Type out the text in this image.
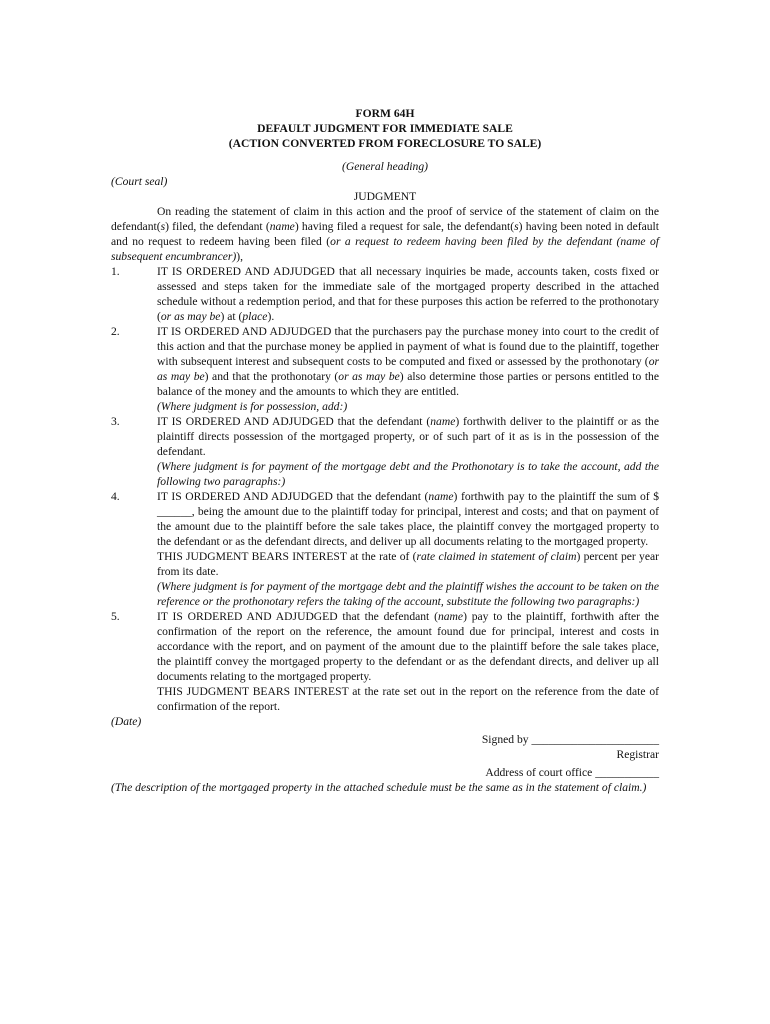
FORM 64H
DEFAULT JUDGMENT FOR IMMEDIATE SALE
(ACTION CONVERTED FROM FORECLOSURE TO SALE)
(General heading)
(Court seal)
JUDGMENT
On reading the statement of claim in this action and the proof of service of the statement of claim on the defendant(s) filed, the defendant (name) having filed a request for sale, the defendant(s) having been noted in default and no request to redeem having been filed (or a request to redeem having been filed by the defendant (name of subsequent encumbrancer)),
1.	IT IS ORDERED AND ADJUDGED that all necessary inquiries be made, accounts taken, costs fixed or assessed and steps taken for the immediate sale of the mortgaged property described in the attached schedule without a redemption period, and that for these purposes this action be referred to the prothonotary (or as may be) at (place).
2.	IT IS ORDERED AND ADJUDGED that the purchasers pay the purchase money into court to the credit of this action and that the purchase money be applied in payment of what is found due to the plaintiff, together with subsequent interest and subsequent costs to be computed and fixed or assessed by the prothonotary (or as may be) and that the prothonotary (or as may be) also determine those parties or persons entitled to the balance of the money and the amounts to which they are entitled.
(Where judgment is for possession, add:)
3.	IT IS ORDERED AND ADJUDGED that the defendant (name) forthwith deliver to the plaintiff or as the plaintiff directs possession of the mortgaged property, or of such part of it as is in the possession of the defendant.
(Where judgment is for payment of the mortgage debt and the Prothonotary is to take the account, add the following two paragraphs:)
4.	IT IS ORDERED AND ADJUDGED that the defendant (name) forthwith pay to the plaintiff the sum of $ ______, being the amount due to the plaintiff today for principal, interest and costs; and that on payment of the amount due to the plaintiff before the sale takes place, the plaintiff convey the mortgaged property to the defendant or as the defendant directs, and deliver up all documents relating to the mortgaged property.
THIS JUDGMENT BEARS INTEREST at the rate of (rate claimed in statement of claim) percent per year from its date.
(Where judgment is for payment of the mortgage debt and the plaintiff wishes the account to be taken on the reference or the prothonotary refers the taking of the account, substitute the following two paragraphs:)
5.	IT IS ORDERED AND ADJUDGED that the defendant (name) pay to the plaintiff, forthwith after the confirmation of the report on the reference, the amount found due for principal, interest and costs in accordance with the report, and on payment of the amount due to the plaintiff before the sale takes place, the plaintiff convey the mortgaged property to the defendant or as the defendant directs, and deliver up all documents relating to the mortgaged property.
THIS JUDGMENT BEARS INTEREST at the rate set out in the report on the reference from the date of confirmation of the report.
(Date)
Signed by ______________________
Registrar
Address of court office ___________
(The description of the mortgaged property in the attached schedule must be the same as in the statement of claim.)
